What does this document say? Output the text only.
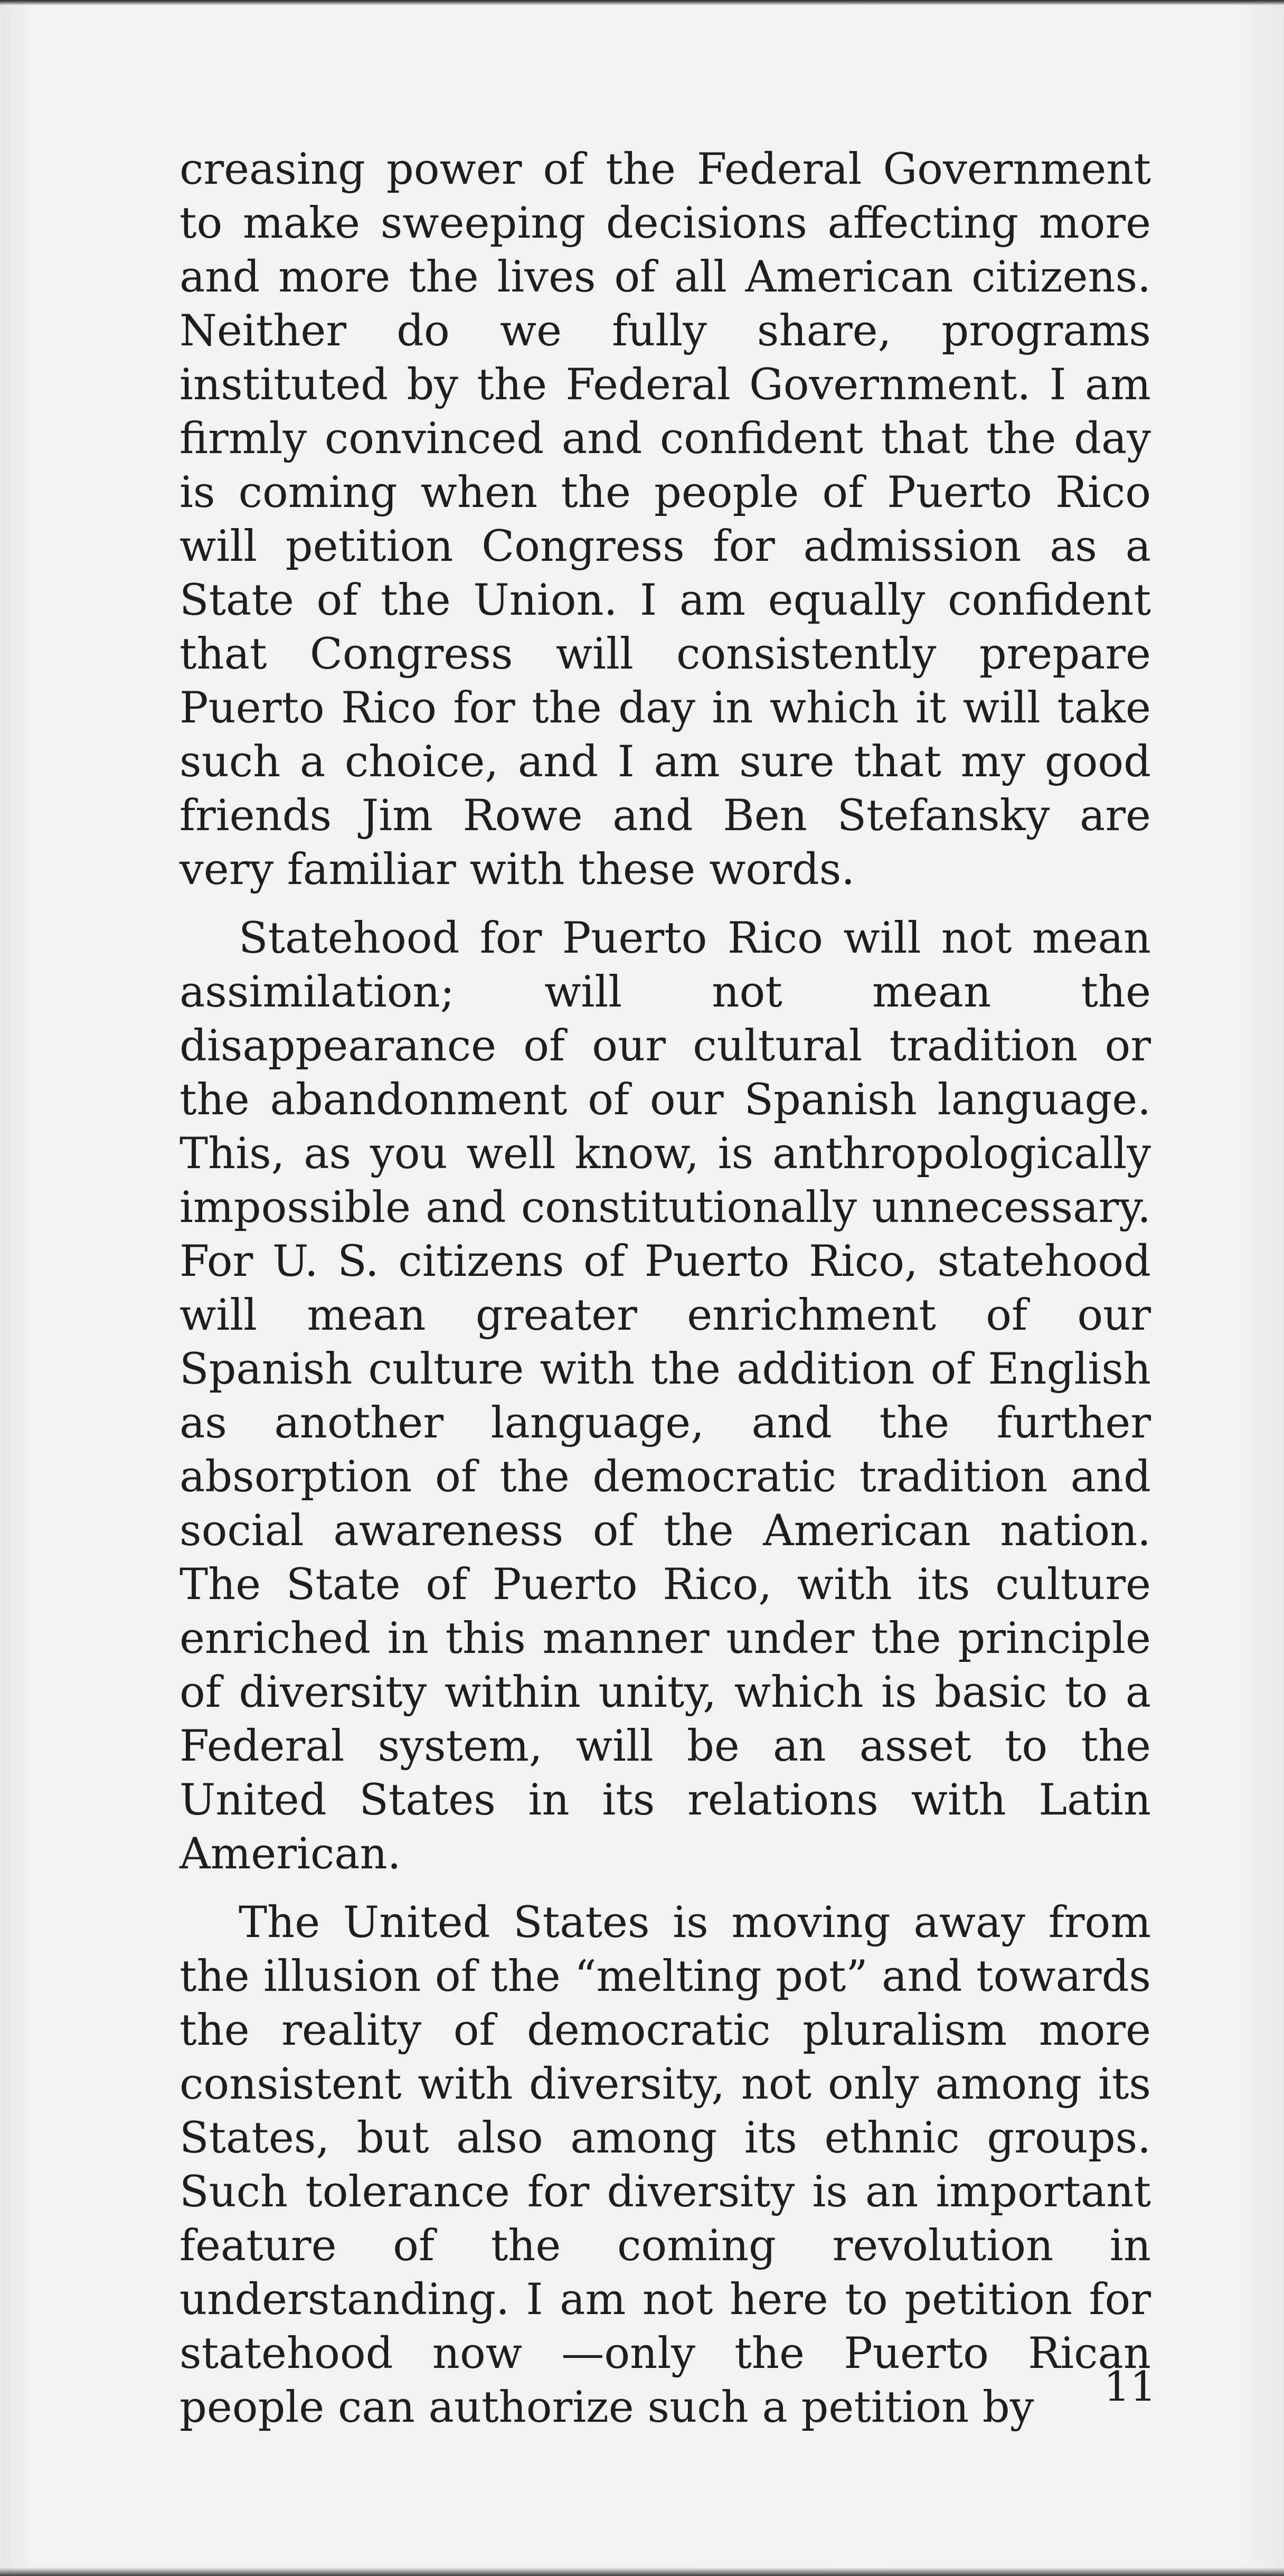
creasing power of the Federal Government to make sweeping decisions affecting more and more the lives of all American citizens. Neither do we fully share, programs instituted by the Federal Government. I am firmly convinced and confident that the day is coming when the people of Puerto Rico will petition Congress for admission as a State of the Union. I am equally confident that Congress will consistently prepare Puerto Rico for the day in which it will take such a choice, and I am sure that my good friends Jim Rowe and Ben Stefansky are very familiar with these words.

Statehood for Puerto Rico will not mean assimilation; will not mean the disappearance of our cultural tradition or the abandonment of our Spanish language. This, as you well know, is anthropologically impossible and constitutionally unnecessary. For U. S. citizens of Puerto Rico, statehood will mean greater enrichment of our Spanish culture with the addition of English as another language, and the further absorption of the democratic tradition and social awareness of the American nation. The State of Puerto Rico, with its culture enriched in this manner under the principle of diversity within unity, which is basic to a Federal system, will be an asset to the United States in its relations with Latin American.

The United States is moving away from the illusion of the “melting pot” and towards the reality of democratic pluralism more consistent with diversity, not only among its States, but also among its ethnic groups. Such tolerance for diversity is an important feature of the coming revolution in understanding. I am not here to petition for statehood now —only the Puerto Rican people can authorize such a petition by	11
